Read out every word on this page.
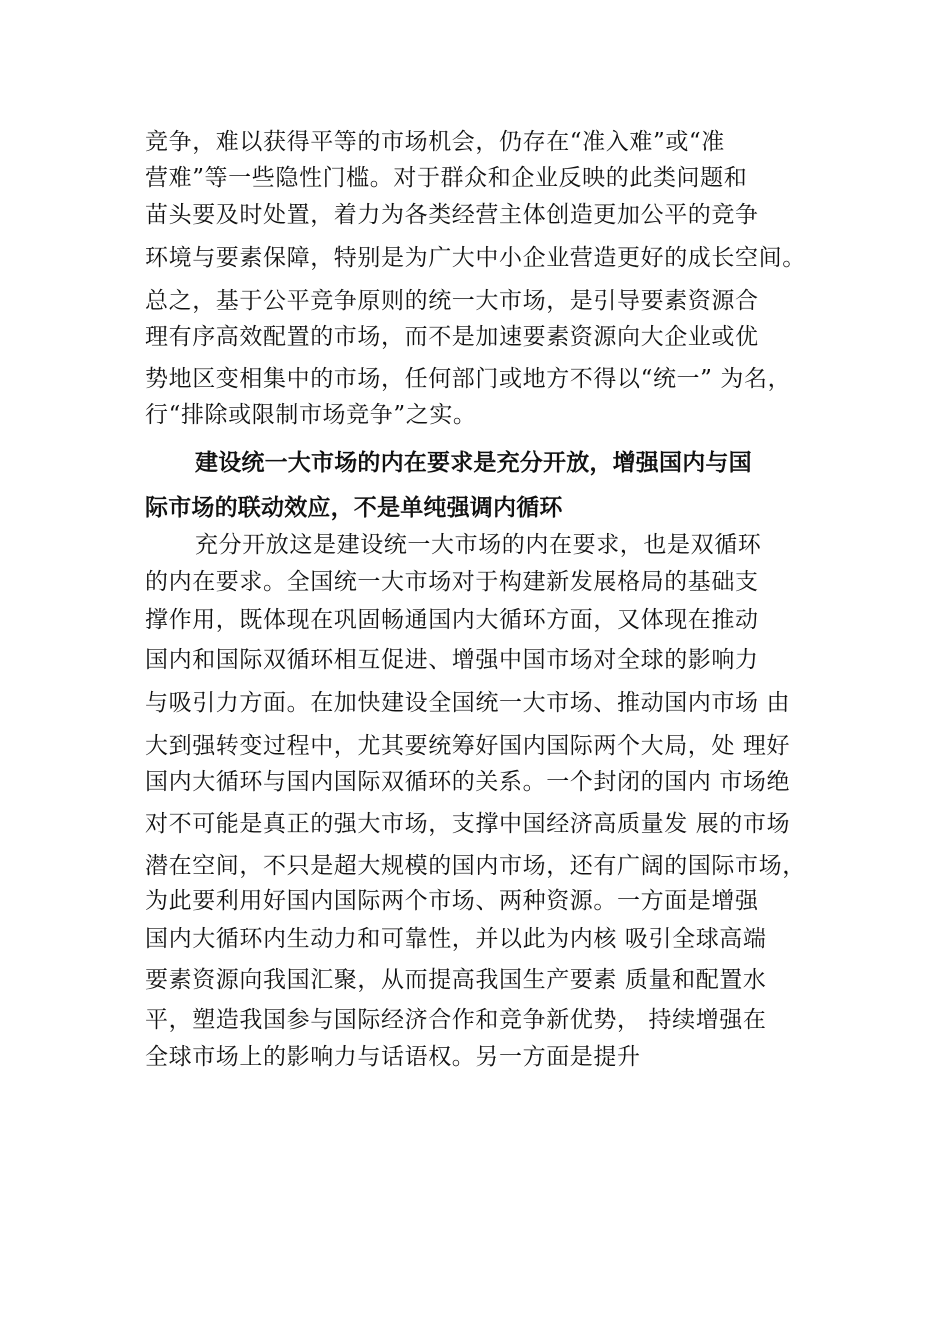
竞争，难以获得平等的市场机会，仍存在“准入难”或“准
营难”等一些隐性门槛。对于群众和企业反映的此类问题和
苗头要及时处置，着力为各类经营主体创造更加公平的竞争
环境与要素保障，特别是为广大中小企业营造更好的成长空间。
总之，基于公平竞争原则的统一大市场，是引导要素资源合
理有序高效配置的市场，而不是加速要素资源向大企业或优
势地区变相集中的市场，任何部门或地方不得以“统一” 为名，
行“排除或限制市场竞争”之实。
建设统一大市场的内在要求是充分开放，增强国内与国
际市场的联动效应，不是单纯强调内循环
充分开放这是建设统一大市场的内在要求，也是双循环
的内在要求。全国统一大市场对于构建新发展格局的基础支
撑作用，既体现在巩固畅通国内大循环方面，又体现在推动
国内和国际双循环相互促进、增强中国市场对全球的影响力
与吸引力方面。在加快建设全国统一大市场、推动国内市场 由
大到强转变过程中，尤其要统筹好国内国际两个大局，处 理好
国内大循环与国内国际双循环的关系。一个封闭的国内 市场绝
对不可能是真正的强大市场，支撑中国经济高质量发 展的市场
潜在空间，不只是超大规模的国内市场，还有广阔的国际市场，
为此要利用好国内国际两个市场、两种资源。一方面是增强
国内大循环内生动力和可靠性，并以此为内核 吸引全球高端
要素资源向我国汇聚，从而提高我国生产要素 质量和配置水
平，塑造我国参与国际经济合作和竞争新优势， 持续增强在
全球市场上的影响力与话语权。另一方面是提升
